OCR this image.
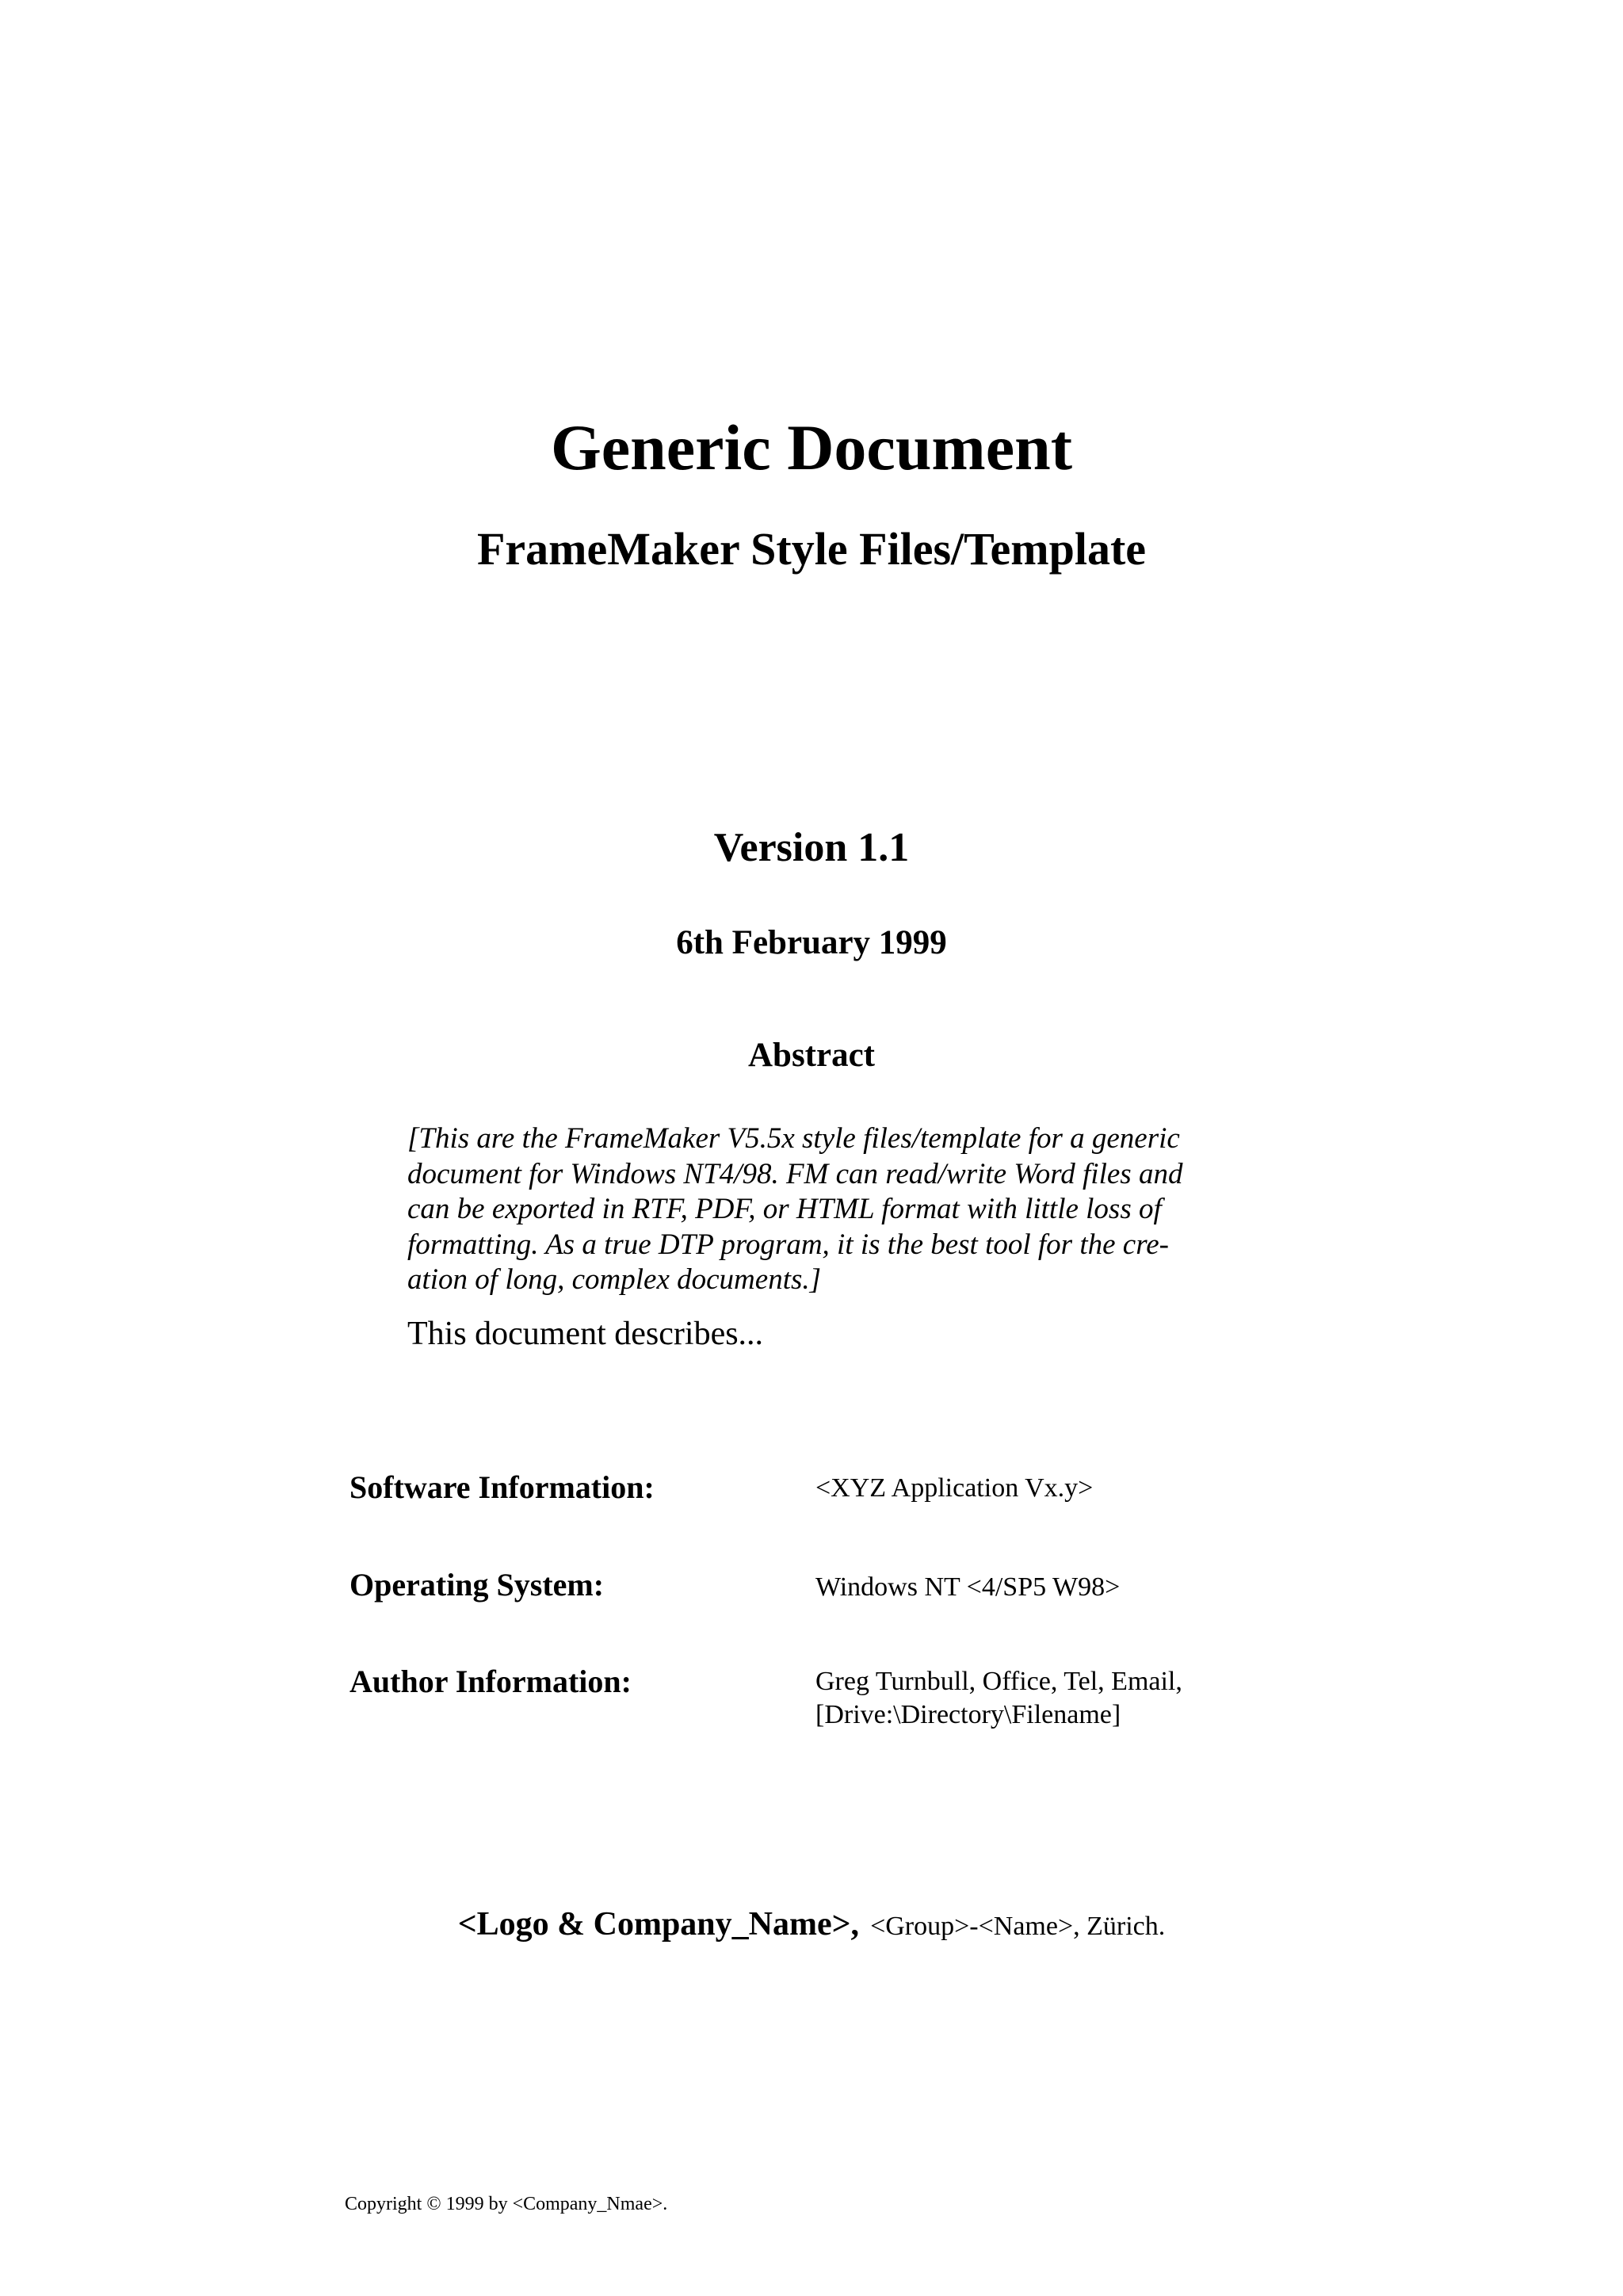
Generic Document
FrameMaker Style Files/Template
Version 1.1
6th February 1999
Abstract
[This are the FrameMaker V5.5x style files/template for a generic
document for Windows NT4/98. FM can read/write Word files and
can be exported in RTF, PDF, or HTML format with little loss of
formatting. As a true DTP program, it is the best tool for the cre-
ation of long, complex documents.]
This document describes...
Software Information:	<XYZ Application Vx.y>
Operating System:	Windows NT <4/SP5 W98>
Author Information:	Greg Turnbull, Office, Tel, Email,
[Drive:\Directory\Filename]
<Logo & Company_Name>, <Group>-<Name>, Zürich.
Copyright © 1999 by <Company_Nmae>.
